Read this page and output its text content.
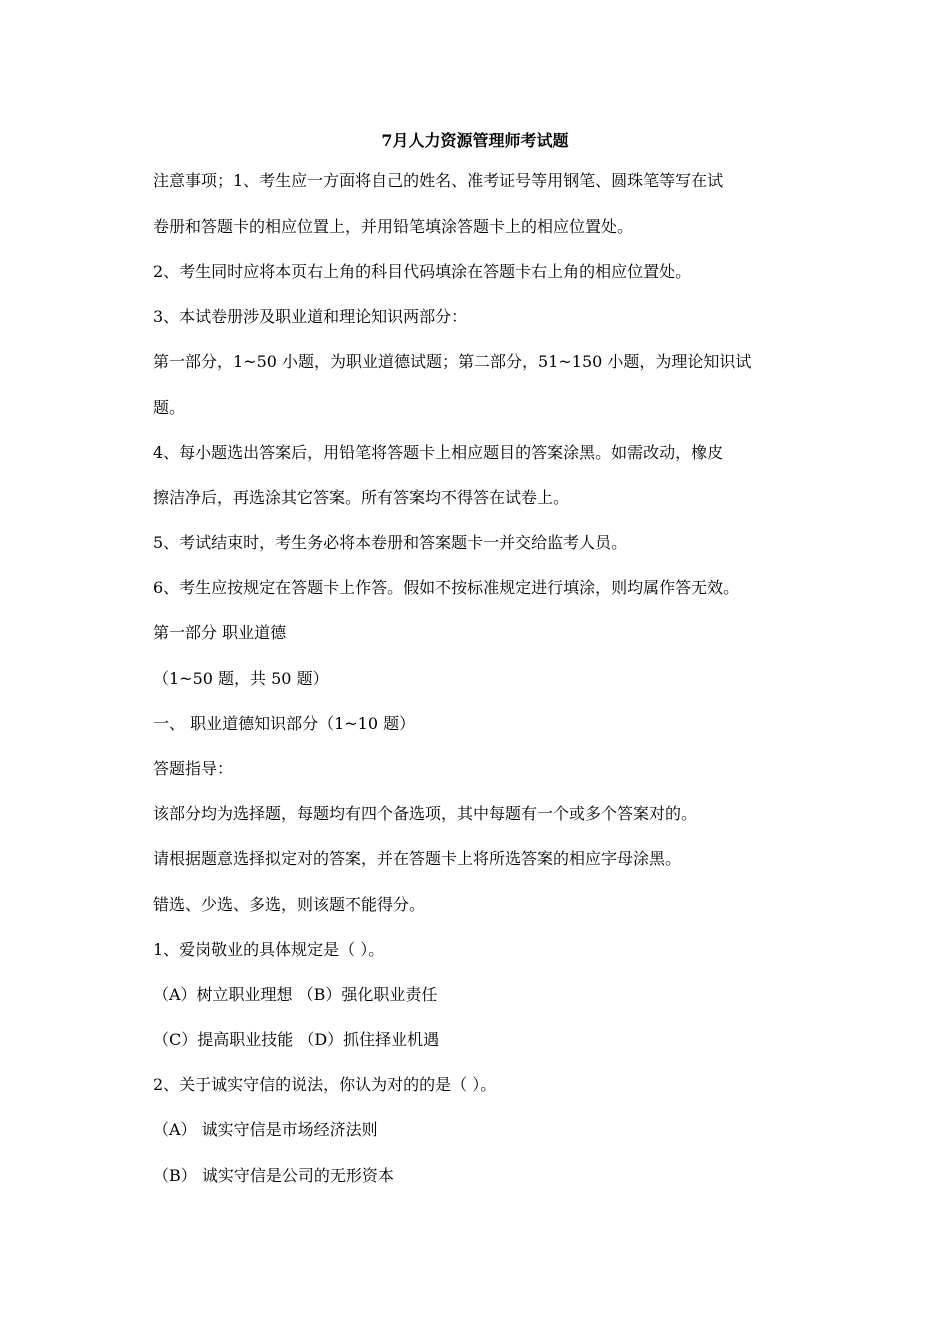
7月人力资源管理师考试题
注意事项；1、考生应一方面将自己的姓名、准考证号等用钢笔、圆珠笔等写在试
卷册和答题卡的相应位置上，并用铅笔填涂答题卡上的相应位置处。
2、考生同时应将本页右上角的科目代码填涂在答题卡右上角的相应位置处。
3、本试卷册涉及职业道和理论知识两部分：
第一部分，1~50 小题，为职业道德试题；第二部分，51~150 小题，为理论知识试
题。
4、每小题选出答案后，用铅笔将答题卡上相应题目的答案涂黑。如需改动，橡皮
擦洁净后，再选涂其它答案。所有答案均不得答在试卷上。
5、考试结束时，考生务必将本卷册和答案题卡一并交给监考人员。
6、考生应按规定在答题卡上作答。假如不按标准规定进行填涂，则均属作答无效。
第一部分 职业道德
（1~50 题，共 50 题）
一、 职业道德知识部分（1~10 题）
答题指导：
该部分均为选择题，每题均有四个备选项，其中每题有一个或多个答案对的。
请根据题意选择拟定对的答案，并在答题卡上将所选答案的相应字母涂黑。
错选、少选、多选，则该题不能得分。
1、爱岗敬业的具体规定是（ ）。
（A）树立职业理想 （B）强化职业责任
（C）提高职业技能 （D）抓住择业机遇
2、关于诚实守信的说法，你认为对的的是（ ）。
（A） 诚实守信是市场经济法则
（B） 诚实守信是公司的无形资本
